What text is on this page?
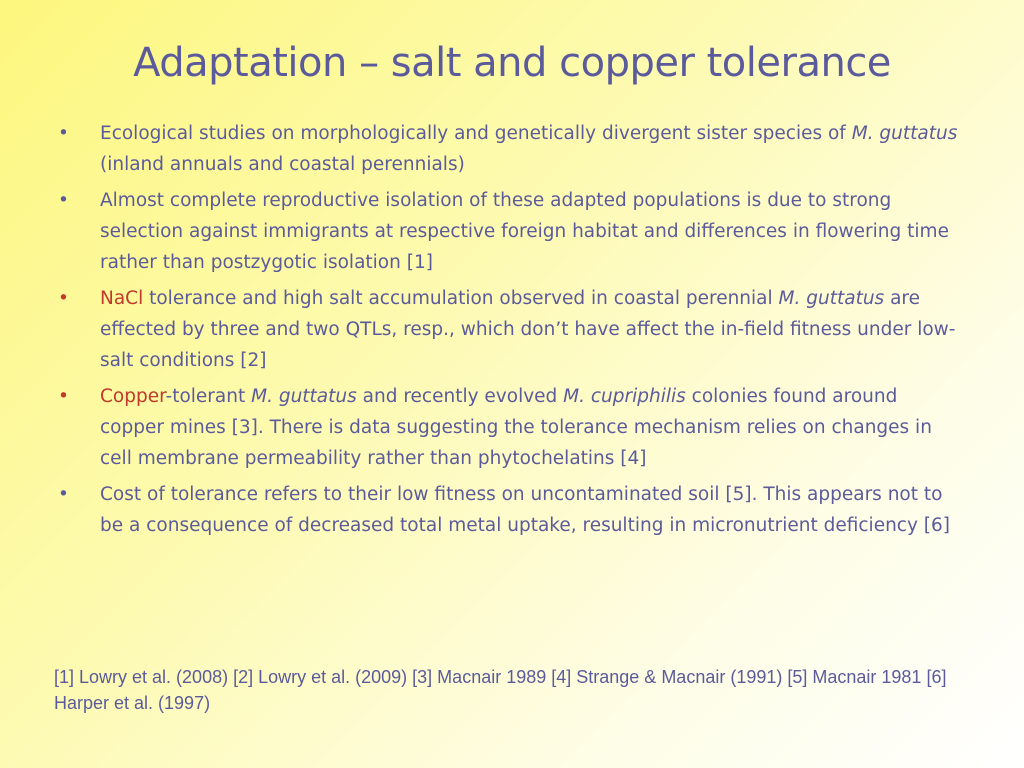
Adaptation – salt and copper tolerance
•	Ecological studies on morphologically and genetically divergent sister species of M. guttatus (inland annuals and coastal perennials)
•	Almost complete reproductive isolation of these adapted populations is due to strong selection against immigrants at respective foreign habitat and differences in flowering time rather than postzygotic isolation [1]
•	NaCl tolerance and high salt accumulation observed in coastal perennial M. guttatus are effected by three and two QTLs, resp., which don’t have affect the in-field fitness under low-salt conditions [2]
•	Copper-tolerant M. guttatus and recently evolved M. cupriphilis colonies found around copper mines [3]. There is data suggesting the tolerance mechanism relies on changes in cell membrane permeability rather than phytochelatins [4]
•	Cost of tolerance refers to their low fitness on uncontaminated soil [5]. This appears not to be a consequence of decreased total metal uptake, resulting in micronutrient deficiency [6]
[1] Lowry et al. (2008) [2] Lowry et al. (2009) [3] Macnair 1989 [4] Strange & Macnair (1991) [5] Macnair 1981 [6] Harper et al. (1997)
